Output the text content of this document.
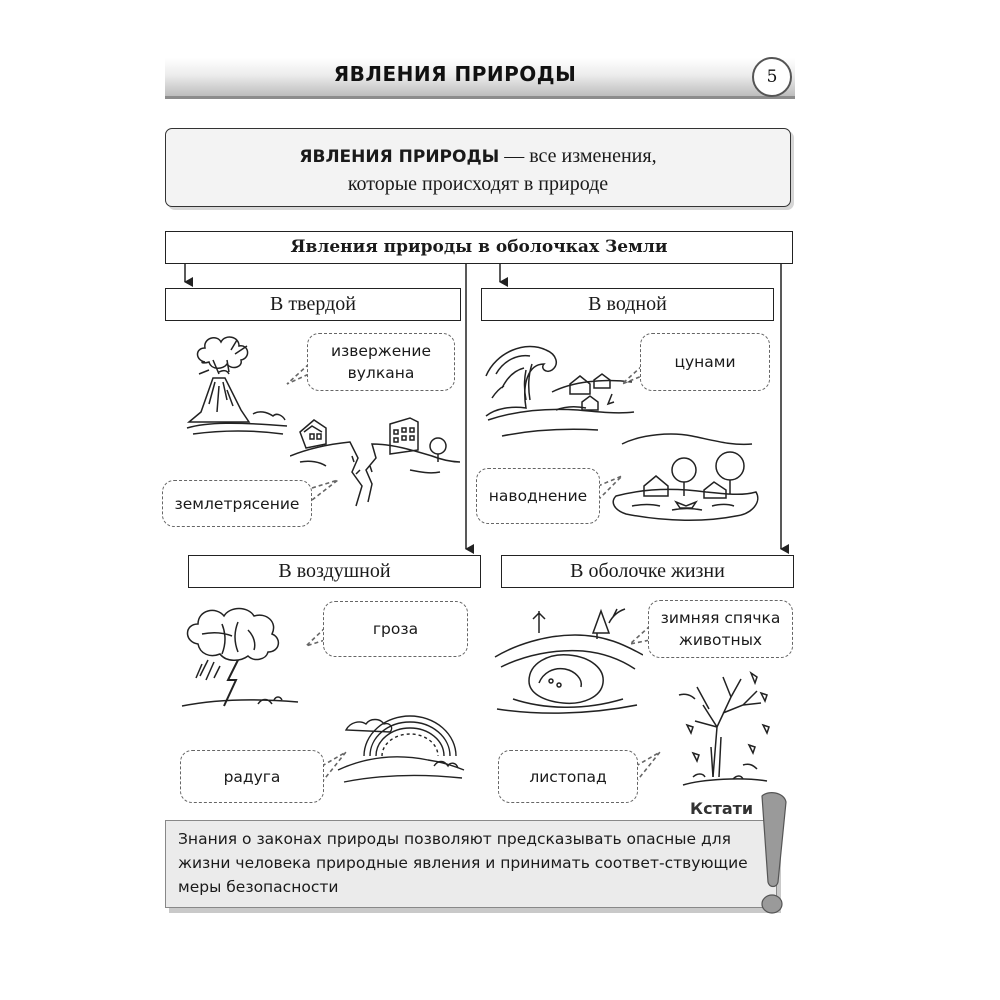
ЯВЛЕНИЯ ПРИРОДЫ	5
ЯВЛЕНИЯ ПРИРОДЫ — все изменения,
которые происходят в природе
Явления природы в оболочках Земли
В твердой	В водной
В воздушной	В оболочке жизни
извержение
вулкана
землетрясение
цунами
наводнение
гроза
радуга
зимняя спячка
животных
листопад
Знания о законах природы позволяют предсказывать опасные для жизни человека природные явления и принимать соответ-ствующие меры безопасности
Кстати
